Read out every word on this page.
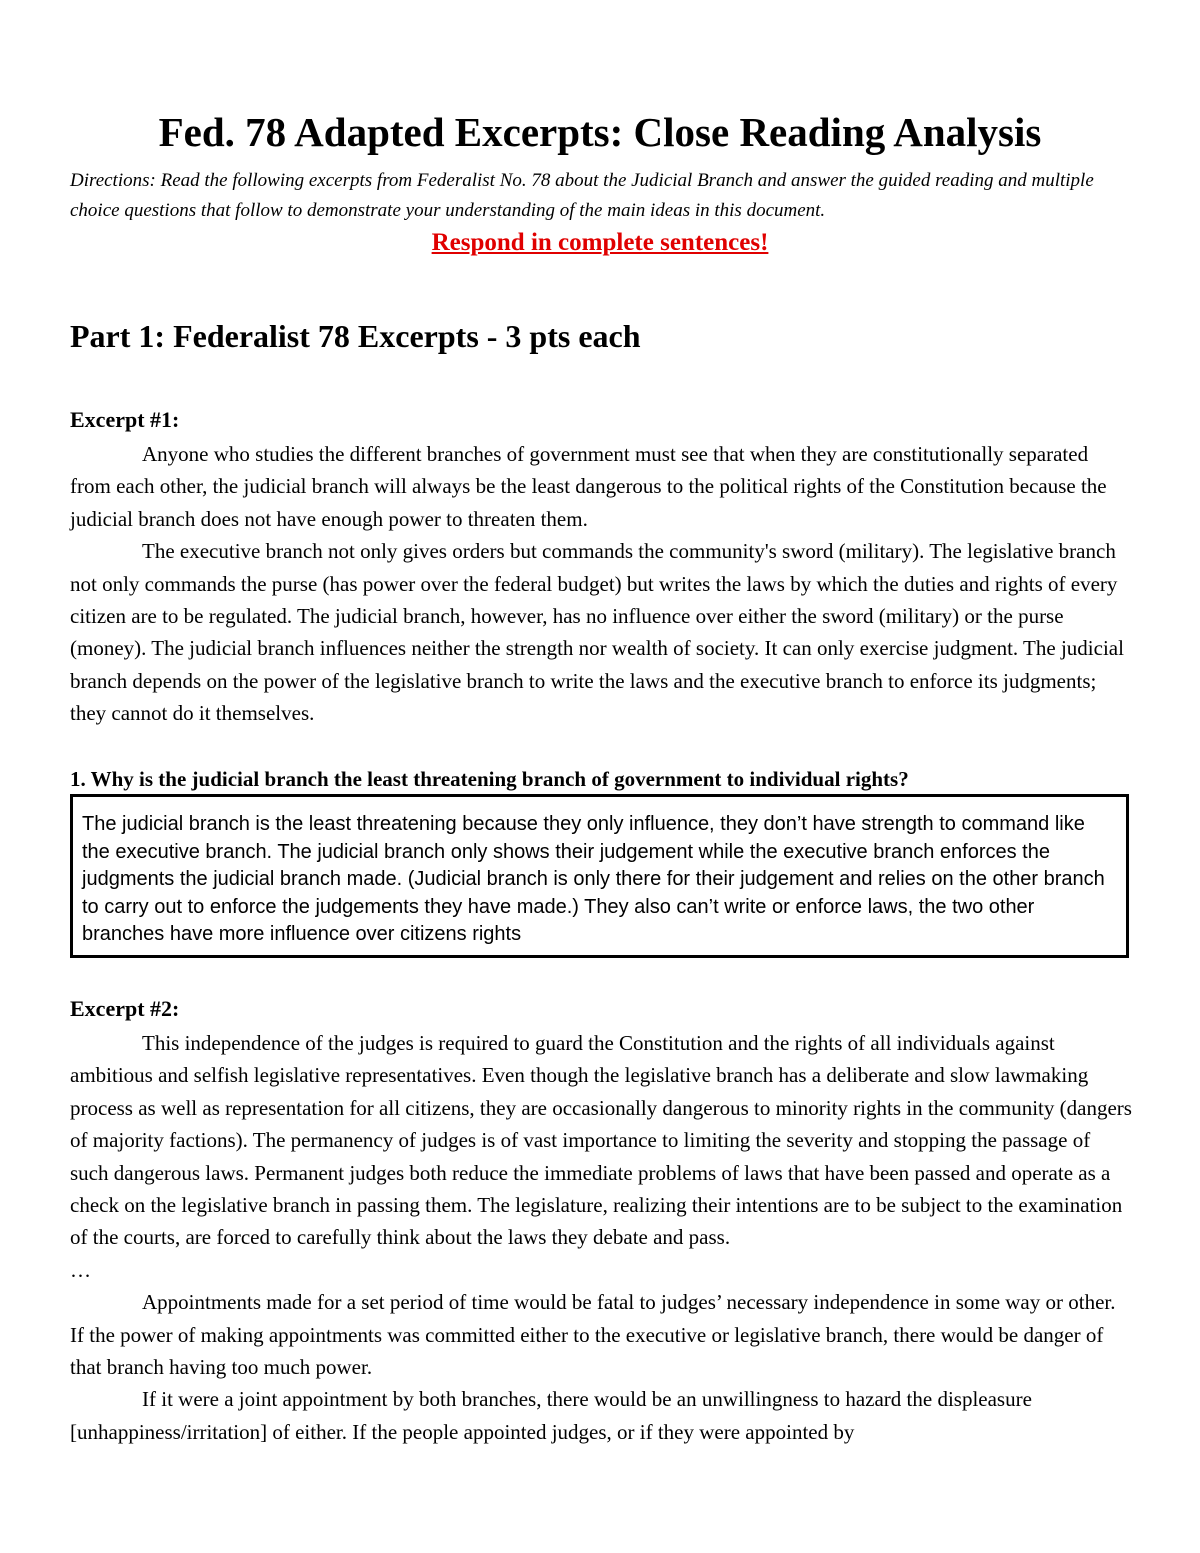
Fed. 78 Adapted Excerpts: Close Reading Analysis
Directions: Read the following excerpts from Federalist No. 78 about the Judicial Branch and answer the guided reading and multiple choice questions that follow to demonstrate your understanding of the main ideas in this document.
Respond in complete sentences!
Part 1: Federalist 78 Excerpts - 3 pts each
Excerpt #1:

Anyone who studies the different branches of government must see that when they are constitutionally separated from each other, the judicial branch will always be the least dangerous to the political rights of the Constitution because the judicial branch does not have enough power to threaten them.

The executive branch not only gives orders but commands the community's sword (military). The legislative branch not only commands the purse (has power over the federal budget) but writes the laws by which the duties and rights of every citizen are to be regulated. The judicial branch, however, has no influence over either the sword (military) or the purse (money). The judicial branch influences neither the strength nor wealth of society. It can only exercise judgment. The judicial branch depends on the power of the legislative branch to write the laws and the executive branch to enforce its judgments; they cannot do it themselves.

1. Why is the judicial branch the least threatening branch of government to individual rights?
The judicial branch is the least threatening because they only influence, they don’t have strength to command like the executive branch. The judicial branch only shows their judgement while the executive branch enforces the judgments the judicial branch made. (Judicial branch is only there for their judgement and relies on the other branch to carry out to enforce the judgements they have made.) They also can’t write or enforce laws, the two other branches have more influence over citizens rights
Excerpt #2:

This independence of the judges is required to guard the Constitution and the rights of all individuals against ambitious and selfish legislative representatives. Even though the legislative branch has a deliberate and slow lawmaking process as well as representation for all citizens, they are occasionally dangerous to minority rights in the community (dangers of majority factions). The permanency of judges is of vast importance to limiting the severity and stopping the passage of such dangerous laws. Permanent judges both reduce the immediate problems of laws that have been passed and operate as a check on the legislative branch in passing them. The legislature, realizing their intentions are to be subject to the examination of the courts, are forced to carefully think about the laws they debate and pass.

…

Appointments made for a set period of time would be fatal to judges’ necessary independence in some way or other. If the power of making appointments was committed either to the executive or legislative branch, there would be danger of that branch having too much power.

If it were a joint appointment by both branches, there would be an unwillingness to hazard the displeasure [unhappiness/irritation] of either. If the people appointed judges, or if they were appointed by
